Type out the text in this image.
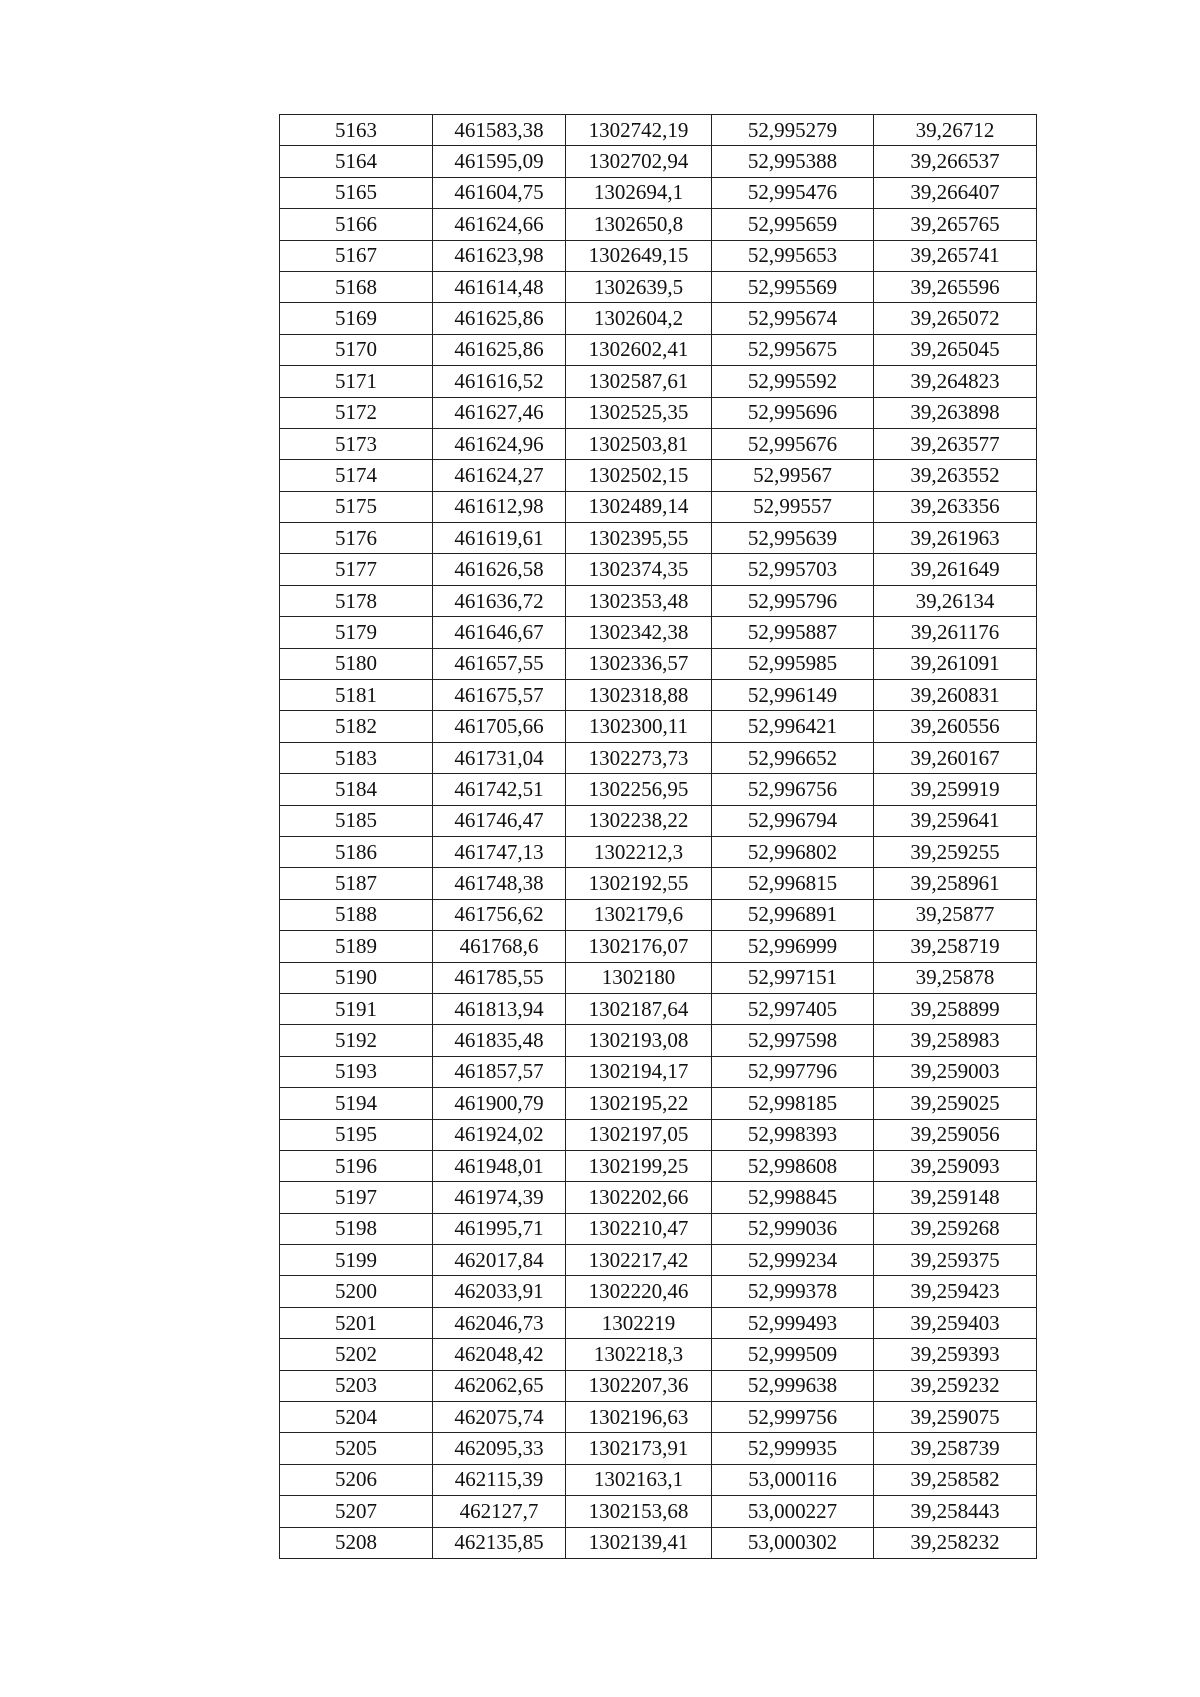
5163	461583,38	1302742,19	52,995279	39,26712
5164	461595,09	1302702,94	52,995388	39,266537
5165	461604,75	1302694,1	52,995476	39,266407
5166	461624,66	1302650,8	52,995659	39,265765
5167	461623,98	1302649,15	52,995653	39,265741
5168	461614,48	1302639,5	52,995569	39,265596
5169	461625,86	1302604,2	52,995674	39,265072
5170	461625,86	1302602,41	52,995675	39,265045
5171	461616,52	1302587,61	52,995592	39,264823
5172	461627,46	1302525,35	52,995696	39,263898
5173	461624,96	1302503,81	52,995676	39,263577
5174	461624,27	1302502,15	52,99567	39,263552
5175	461612,98	1302489,14	52,99557	39,263356
5176	461619,61	1302395,55	52,995639	39,261963
5177	461626,58	1302374,35	52,995703	39,261649
5178	461636,72	1302353,48	52,995796	39,26134
5179	461646,67	1302342,38	52,995887	39,261176
5180	461657,55	1302336,57	52,995985	39,261091
5181	461675,57	1302318,88	52,996149	39,260831
5182	461705,66	1302300,11	52,996421	39,260556
5183	461731,04	1302273,73	52,996652	39,260167
5184	461742,51	1302256,95	52,996756	39,259919
5185	461746,47	1302238,22	52,996794	39,259641
5186	461747,13	1302212,3	52,996802	39,259255
5187	461748,38	1302192,55	52,996815	39,258961
5188	461756,62	1302179,6	52,996891	39,25877
5189	461768,6	1302176,07	52,996999	39,258719
5190	461785,55	1302180	52,997151	39,25878
5191	461813,94	1302187,64	52,997405	39,258899
5192	461835,48	1302193,08	52,997598	39,258983
5193	461857,57	1302194,17	52,997796	39,259003
5194	461900,79	1302195,22	52,998185	39,259025
5195	461924,02	1302197,05	52,998393	39,259056
5196	461948,01	1302199,25	52,998608	39,259093
5197	461974,39	1302202,66	52,998845	39,259148
5198	461995,71	1302210,47	52,999036	39,259268
5199	462017,84	1302217,42	52,999234	39,259375
5200	462033,91	1302220,46	52,999378	39,259423
5201	462046,73	1302219	52,999493	39,259403
5202	462048,42	1302218,3	52,999509	39,259393
5203	462062,65	1302207,36	52,999638	39,259232
5204	462075,74	1302196,63	52,999756	39,259075
5205	462095,33	1302173,91	52,999935	39,258739
5206	462115,39	1302163,1	53,000116	39,258582
5207	462127,7	1302153,68	53,000227	39,258443
5208	462135,85	1302139,41	53,000302	39,258232
